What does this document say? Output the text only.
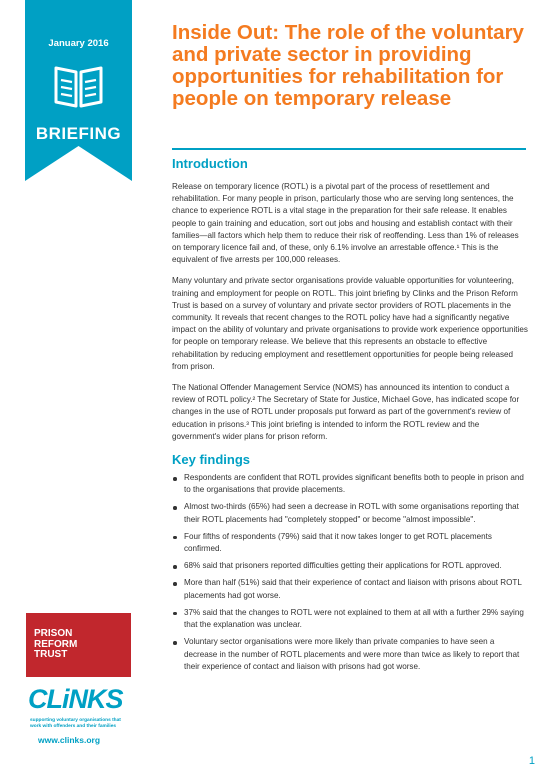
January 2016
BRIEFING
Inside Out: The role of the voluntary and private sector in providing opportunities for rehabilitation for people on temporary release
Introduction

Release on temporary licence (ROTL) is a pivotal part of the process of resettlement and rehabilitation. For many people in prison, particularly those who are serving long sentences, the chance to experience ROTL is a vital stage in the preparation for their safe release. It enables people to gain training and education, sort out jobs and housing and establish contact with their families—all factors which help them to reduce their risk of reoffending. Less than 1% of releases on temporary licence fail and, of these, only 6.1% involve an arrestable offence.¹ This is the equivalent of five arrests per 100,000 releases.

Many voluntary and private sector organisations provide valuable opportunities for volunteering, training and employment for people on ROTL. This joint briefing by Clinks and the Prison Reform Trust is based on a survey of voluntary and private sector providers of ROTL placements in the community. It reveals that recent changes to the ROTL policy have had a significantly negative impact on the ability of voluntary and private organisations to provide work experience opportunities for people on temporary release. We believe that this represents an obstacle to effective rehabilitation by reducing employment and resettlement opportunities for people being released from prison.

The National Offender Management Service (NOMS) has announced its intention to conduct a review of ROTL policy.² The Secretary of State for Justice, Michael Gove, has indicated scope for changes in the use of ROTL under proposals put forward as part of the government's review of education in prisons.³ This joint briefing is intended to inform the ROTL review and the government's wider plans for prison reform.

Key findings
Respondents are confident that ROTL provides significant benefits both to people in prison and to the organisations that provide placements.
Almost two-thirds (65%) had seen a decrease in ROTL with some organisations reporting that their ROTL placements had "completely stopped" or become "almost impossible".
Four fifths of respondents (79%) said that it now takes longer to get ROTL placements confirmed.
68% said that prisoners reported difficulties getting their applications for ROTL approved.
More than half (51%) said that their experience of contact and liaison with prisons about ROTL placements had got worse.
37% said that the changes to ROTL were not explained to them at all with a further 29% saying that the explanation was unclear.
Voluntary sector organisations were more likely than private companies to have seen a decrease in the number of ROTL placements and were more than twice as likely to report that their experience of contact and liaison with prisons had got worse.
PRISON
REFORM
TRUST
CLiNKS
supporting voluntary organisations that work with offenders and their families
www.clinks.org
1
